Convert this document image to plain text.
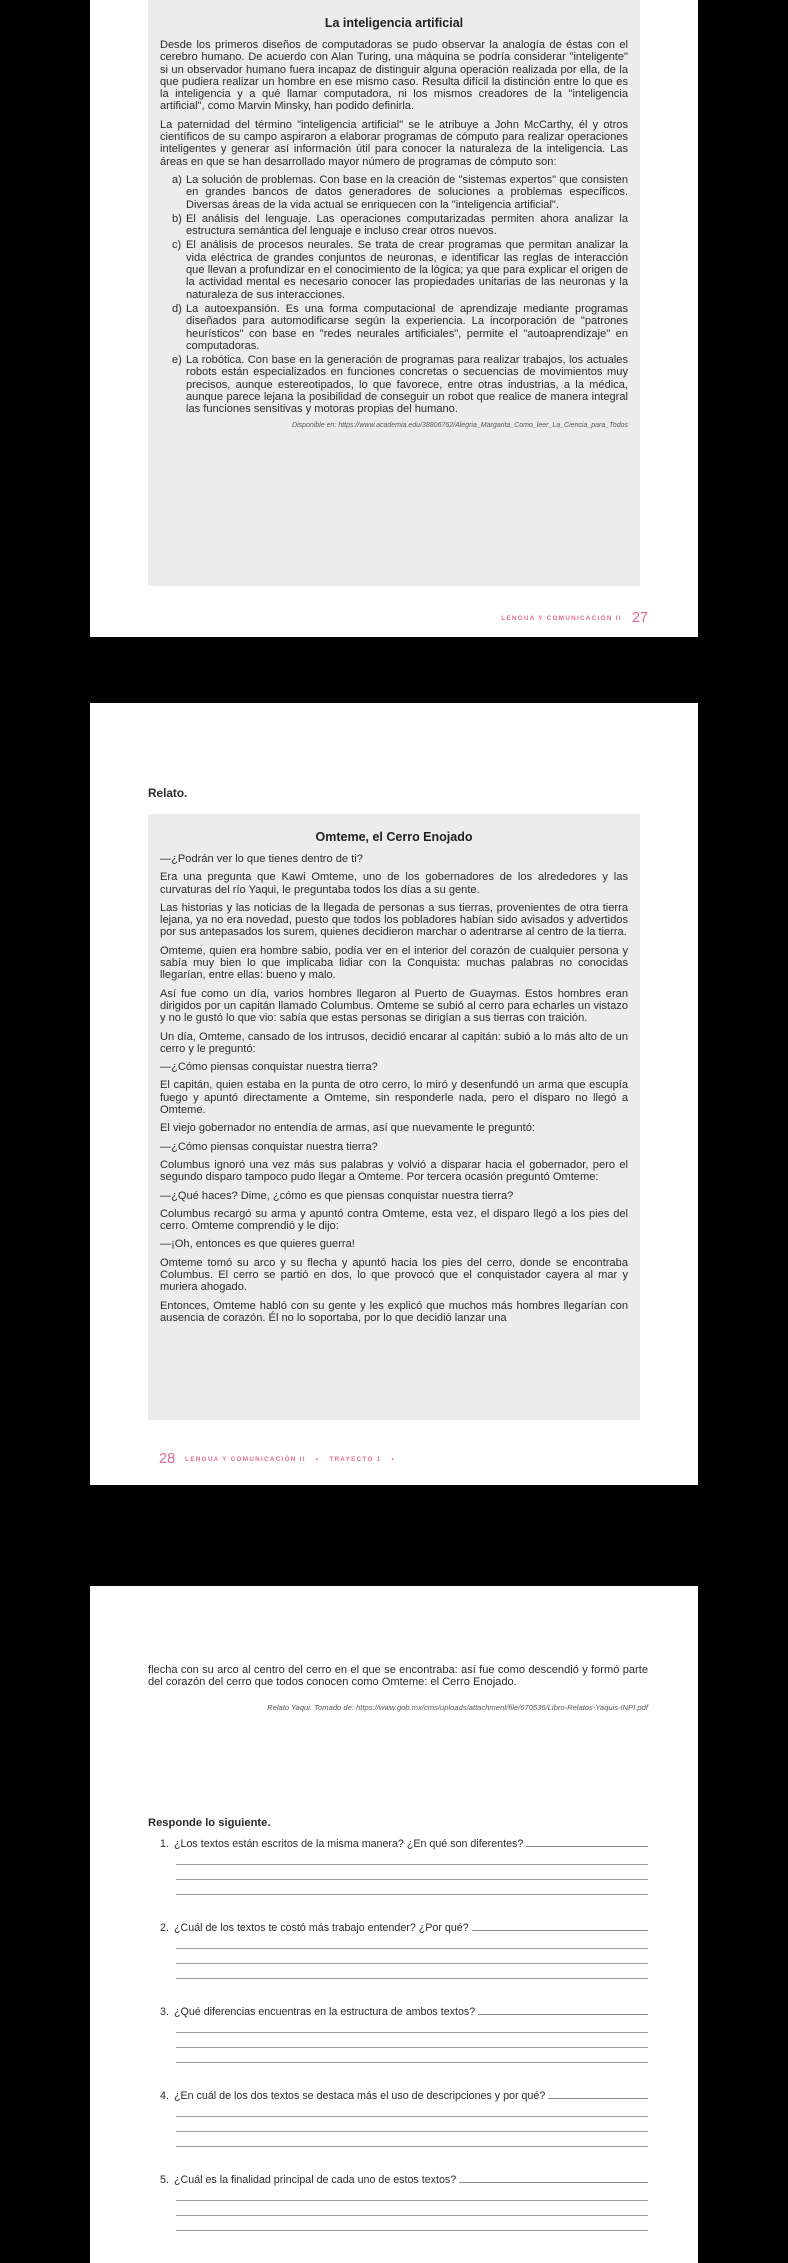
La inteligencia artificial

Desde los primeros diseños de computadoras se pudo observar la analogía de éstas con el cerebro humano. De acuerdo con Alan Turing, una máquina se podría considerar "inteligente" si un observador humano fuera incapaz de distinguir alguna operación realizada por ella, de la que pudiera realizar un hombre en ese mismo caso. Resulta difícil la distinción entre lo que es la inteligencia y a qué llamar computadora, ni los mismos creadores de la "inteligencia artificial", como Marvin Minsky, han podido definirla.

La paternidad del término "inteligencia artificial" se le atribuye a John McCarthy, él y otros científicos de su campo aspiraron a elaborar programas de cómputo para realizar operaciones inteligentes y generar así información útil para conocer la naturaleza de la inteligencia. Las áreas en que se han desarrollado mayor número de programas de cómputo son:

a) La solución de problemas. Con base en la creación de "sistemas expertos" que consisten en grandes bancos de datos generadores de soluciones a problemas específicos. Diversas áreas de la vida actual se enriquecen con la "inteligencia artificial".
b) El análisis del lenguaje. Las operaciones computarizadas permiten ahora analizar la estructura semántica del lenguaje e incluso crear otros nuevos.
c) El análisis de procesos neurales. Se trata de crear programas que permitan analizar la vida eléctrica de grandes conjuntos de neuronas, e identificar las reglas de interacción que llevan a profundizar en el conocimiento de la lógica; ya que para explicar el origen de la actividad mental es necesario conocer las propiedades unitarias de las neuronas y la naturaleza de sus interacciones.
d) La autoexpansión. Es una forma computacional de aprendizaje mediante programas diseñados para automodificarse según la experiencia. La incorporación de "patrones heurísticos" con base en "redes neurales artificiales", permite el "autoaprendizaje" en computadoras.
e) La robótica. Con base en la generación de programas para realizar trabajos, los actuales robots están especializados en funciones concretas o secuencias de movimientos muy precisos, aunque estereotipados, lo que favorece, entre otras industrias, a la médica, aunque parece lejana la posibilidad de conseguir un robot que realice de manera integral las funciones sensitivas y motoras propias del humano.
Disponible en: https://www.academia.edu/38806762/Alegria_Margarita_Como_leer_La_Ciencia_para_Todos
LENGUA Y COMUNICACIÓN II 27
Relato.
Omteme, el Cerro Enojado

—¿Podrán ver lo que tienes dentro de ti?

Era una pregunta que Kawi Omteme, uno de los gobernadores de los alrededores y las curvaturas del río Yaqui, le preguntaba todos los días a su gente.

Las historias y las noticias de la llegada de personas a sus tierras, provenientes de otra tierra lejana, ya no era novedad, puesto que todos los pobladores habían sido avisados y advertidos por sus antepasados los surem, quienes decidieron marchar o adentrarse al centro de la tierra.

Omteme, quien era hombre sabio, podía ver en el interior del corazón de cualquier persona y sabía muy bien lo que implicaba lidiar con la Conquista: muchas palabras no conocidas llegarían, entre ellas: bueno y malo.

Así fue como un día, varios hombres llegaron al Puerto de Guaymas. Estos hombres eran dirigidos por un capitán llamado Columbus. Omteme se subió al cerro para echarles un vistazo y no le gustó lo que vio: sabía que estas personas se dirigían a sus tierras con traición.

Un día, Omteme, cansado de los intrusos, decidió encarar al capitán: subió a lo más alto de un cerro y le preguntó:

—¿Cómo piensas conquistar nuestra tierra?

El capitán, quien estaba en la punta de otro cerro, lo miró y desenfundó un arma que escupía fuego y apuntó directamente a Omteme, sin responderle nada, pero el disparo no llegó a Omteme.

El viejo gobernador no entendía de armas, así que nuevamente le preguntó:

—¿Cómo piensas conquistar nuestra tierra?

Columbus ignoró una vez más sus palabras y volvió a disparar hacia el gobernador, pero el segundo disparo tampoco pudo llegar a Omteme. Por tercera ocasión preguntó Omteme:

—¿Qué haces? Dime, ¿cómo es que piensas conquistar nuestra tierra?

Columbus recargó su arma y apuntó contra Omteme, esta vez, el disparo llegó a los pies del cerro. Omteme comprendió y le dijo:

—¡Oh, entonces es que quieres guerra!

Omteme tomó su arco y su flecha y apuntó hacia los pies del cerro, donde se encontraba Columbus. El cerro se partió en dos, lo que provocó que el conquistador cayera al mar y muriera ahogado.

Entonces, Omteme habló con su gente y les explicó que muchos más hombres llegarían con ausencia de corazón. Él no lo soportaba, por lo que decidió lanzar una

28 LENGUA Y COMUNICACIÓN II • TRAYECTO 1 •

flecha con su arco al centro del cerro en el que se encontraba: así fue como descendió y formó parte del corazón del cerro que todos conocen como Omteme: el Cerro Enojado.

Relato Yaqui. Tomado de: https://www.gob.mx/cms/uploads/attachment/file/670536/Libro-Relatos-Yaquis-INPI.pdf
Responde lo siguiente.
1. ¿Los textos están escritos de la misma manera? ¿En qué son diferentes?
2. ¿Cuál de los textos te costó más trabajo entender? ¿Por qué?
3. ¿Qué diferencias encuentras en la estructura de ambos textos?
4. ¿En cuál de los dos textos se destaca más el uso de descripciones y por qué?
5. ¿Cuál es la finalidad principal de cada uno de estos textos?
